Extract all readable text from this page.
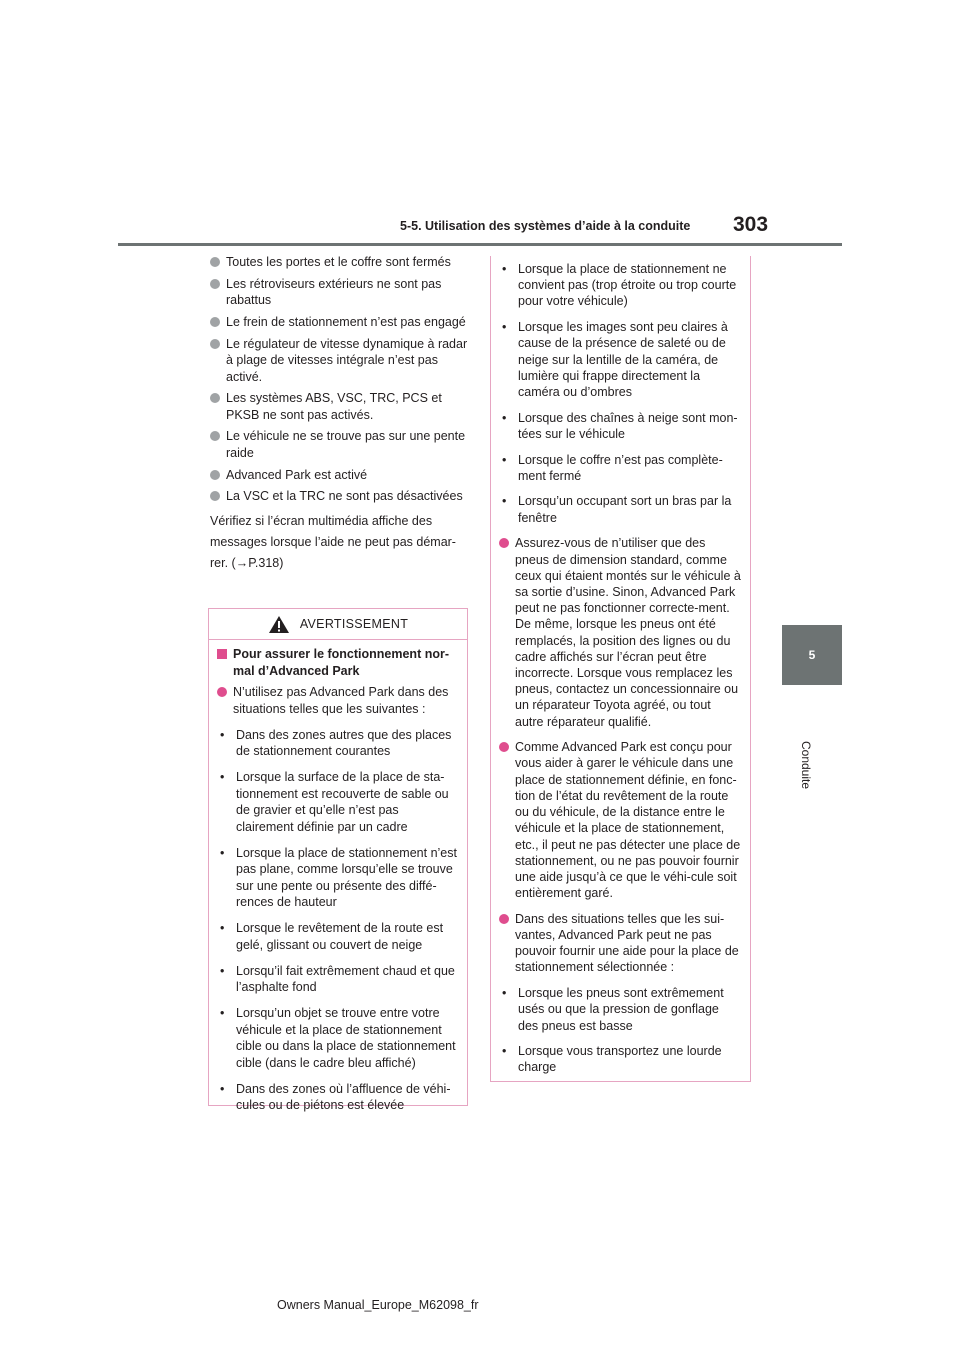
5-5. Utilisation des systèmes d’aide à la conduite 303
5
Conduite
Toutes les portes et le coffre sont fermés
Les rétroviseurs extérieurs ne sont pas rabattus
Le frein de stationnement n’est pas engagé
Le régulateur de vitesse dynamique à radar à plage de vitesses intégrale n’est pas activé.
Les systèmes ABS, VSC, TRC, PCS et PKSB ne sont pas activés.
Le véhicule ne se trouve pas sur une pente raide
Advanced Park est activé
La VSC et la TRC ne sont pas désactivées
Vérifiez si l’écran multimédia affiche des messages lorsque l’aide ne peut pas démar-rer. (→P.318)
AVERTISSEMENT
Pour assurer le fonctionnement nor-mal d’Advanced Park
N’utilisez pas Advanced Park dans des situations telles que les suivantes :
• Dans des zones autres que des places de stationnement courantes
• Lorsque la surface de la place de sta-tionnement est recouverte de sable ou de gravier et qu’elle n’est pas clairement définie par un cadre
• Lorsque la place de stationnement n’est pas plane, comme lorsqu’elle se trouve sur une pente ou présente des diffé-rences de hauteur
• Lorsque le revêtement de la route est gelé, glissant ou couvert de neige
• Lorsqu’il fait extrêmement chaud et que l’asphalte fond
• Lorsqu’un objet se trouve entre votre véhicule et la place de stationnement cible ou dans la place de stationnement cible (dans le cadre bleu affiché)
• Dans des zones où l’affluence de véhi-cules ou de piétons est élevée
• Lorsque la place de stationnement ne convient pas (trop étroite ou trop courte pour votre véhicule)
• Lorsque les images sont peu claires à cause de la présence de saleté ou de neige sur la lentille de la caméra, de lumière qui frappe directement la caméra ou d’ombres
• Lorsque des chaînes à neige sont mon-tées sur le véhicule
• Lorsque le coffre n’est pas complète-ment fermé
• Lorsqu’un occupant sort un bras par la fenêtre
Assurez-vous de n’utiliser que des pneus de dimension standard, comme ceux qui étaient montés sur le véhicule à sa sortie d’usine. Sinon, Advanced Park peut ne pas fonctionner correcte-ment. De même, lorsque les pneus ont été remplacés, la position des lignes ou du cadre affichés sur l’écran peut être incorrecte. Lorsque vous remplacez les pneus, contactez un concessionnaire ou un réparateur Toyota agréé, ou tout autre réparateur qualifié.
Comme Advanced Park est conçu pour vous aider à garer le véhicule dans une place de stationnement définie, en fonc-tion de l’état du revêtement de la route ou du véhicule, de la distance entre le véhicule et la place de stationnement, etc., il peut ne pas détecter une place de stationnement, ou ne pas pouvoir fournir une aide jusqu’à ce que le véhi-cule soit entièrement garé.
Dans des situations telles que les sui-vantes, Advanced Park peut ne pas pouvoir fournir une aide pour la place de stationnement sélectionnée :
• Lorsque les pneus sont extrêmement usés ou que la pression de gonflage des pneus est basse
• Lorsque vous transportez une lourde charge
Owners Manual_Europe_M62098_fr
